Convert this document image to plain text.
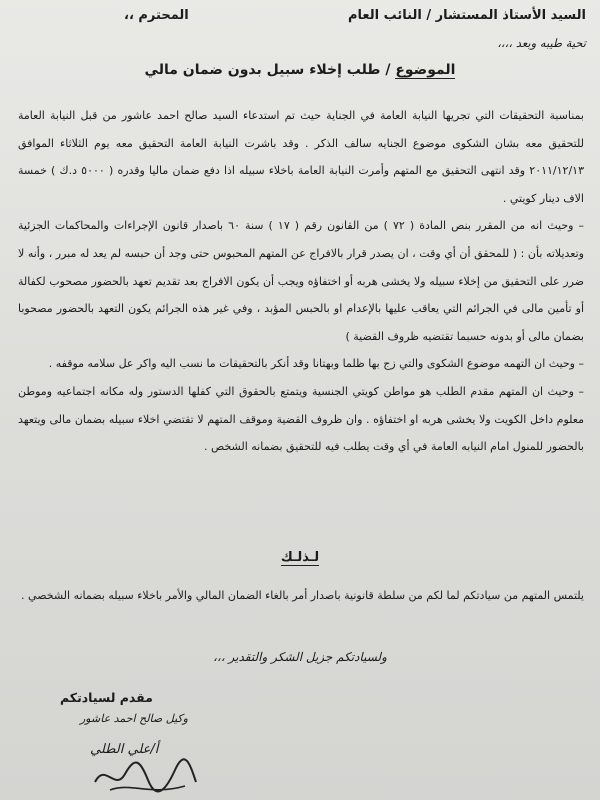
السيد الأستاذ المستشار / النائب العام
المحترم ،،
تحية طيبه وبعد ،،،،
الموضوع / طلب إخلاء سبيل بدون ضمان مالي

بمناسبة التحقيقات التي تجريها النيابة العامة في الجناية حيث تم استدعاء السيد صالح احمد عاشور من قبل النيابة العامة للتحقيق معه بشان الشكوى موضوع الجنايه سالف الذكر . وقد باشرت النيابة العامة التحقيق معه يوم الثلاثاء الموافق ٢٠١١/١٢/١٣ وقد انتهى التحقيق مع المتهم وأمرت النيابة العامة باخلاء سبيله اذا دفع ضمان ماليا وقدره ( ٥٠٠٠ د.ك ) خمسة الاف دينار كويتي .

– وحيث انه من المقرر بنص المادة ( ٧٢ ) من القانون رقم ( ١٧ ) سنة ٦٠ باصدار قانون الإجراءات والمحاكمات الجزئية وتعديلاته بأن : ( للمحقق أن أي وقت ، ان يصدر قرار بالافراج عن المتهم المحبوس حتى وجد أن حبسه لم يعد له مبرر ، وأنه لا ضرر على التحقيق من إخلاء سبيله ولا يخشى هربه أو اختفاؤه ويجب أن يكون الافراج بعد تقديم تعهد بالحضور مصحوب لكفالة أو تأمين مالى في الجرائم التي يعاقب عليها بالإعدام او بالحبس المؤبد ، وفي غير هذه الجرائم يكون التعهد بالحضور مصحوبا بضمان مالى أو بدونه حسبما تقتضيه ظروف القضية )

– وحيث ان التهمه موضوع الشكوى والتي زج بها ظلما وبهتانا وقد أنكر بالتحقيقات ما نسب اليه واكر عل سلامه موقفه .

– وحيث ان المتهم مقدم الطلب هو مواطن كويتي الجنسية ويتمتع بالحقوق التي كفلها الدستور وله مكانه اجتماعيه وموطن معلوم داخل الكويت ولا يخشى هربه او اختفاؤه . وان ظروف القضية وموقف المتهم لا تقتضي اخلاء سبيله بضمان مالى ويتعهد بالحضور للمنول امام النيابه العامة في أي وقت يطلب فيه للتحقيق بضمانه الشخص .

لـذلـك

يلتمس المتهم من سيادتكم لما لكم من سلطة قانونية باصدار أمر بالغاء الضمان المالي والأمر باخلاء سبيله بضمانه الشخصي .

ولسيادتكم جزيل الشكر والتقدير ،،،
مقدم لسيادتكم
وكيل صالح احمد عاشور
أ/علي الطلي
